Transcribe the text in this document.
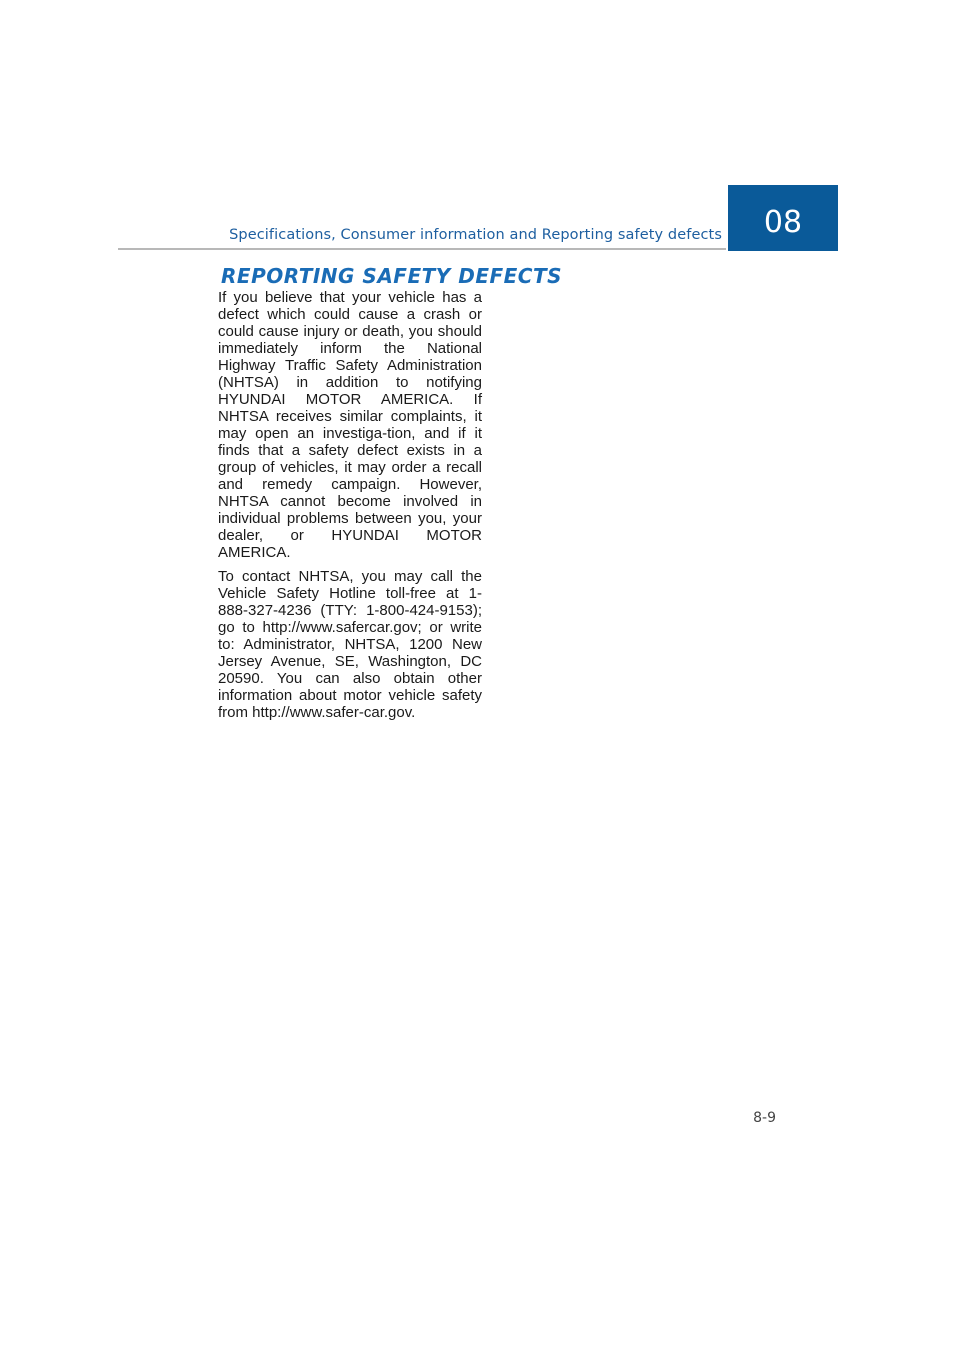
Specifications, Consumer information and Reporting safety defects	08
REPORTING SAFETY DEFECTS

If you believe that your vehicle has a defect which could cause a crash or could cause injury or death, you should immediately inform the National Highway Traffic Safety Administration (NHTSA) in addition to notifying HYUNDAI MOTOR AMERICA. If NHTSA receives similar complaints, it may open an investiga-tion, and if it finds that a safety defect exists in a group of vehicles, it may order a recall and remedy campaign. However, NHTSA cannot become involved in individual problems between you, your dealer, or HYUNDAI MOTOR AMERICA.

To contact NHTSA, you may call the Vehicle Safety Hotline toll-free at 1-888-327-4236 (TTY: 1-800-424-9153); go to http://www.safercar.gov; or write to: Administrator, NHTSA, 1200 New Jersey Avenue, SE, Washington, DC 20590. You can also obtain other information about motor vehicle safety from http://www.safer-car.gov.

8-9
